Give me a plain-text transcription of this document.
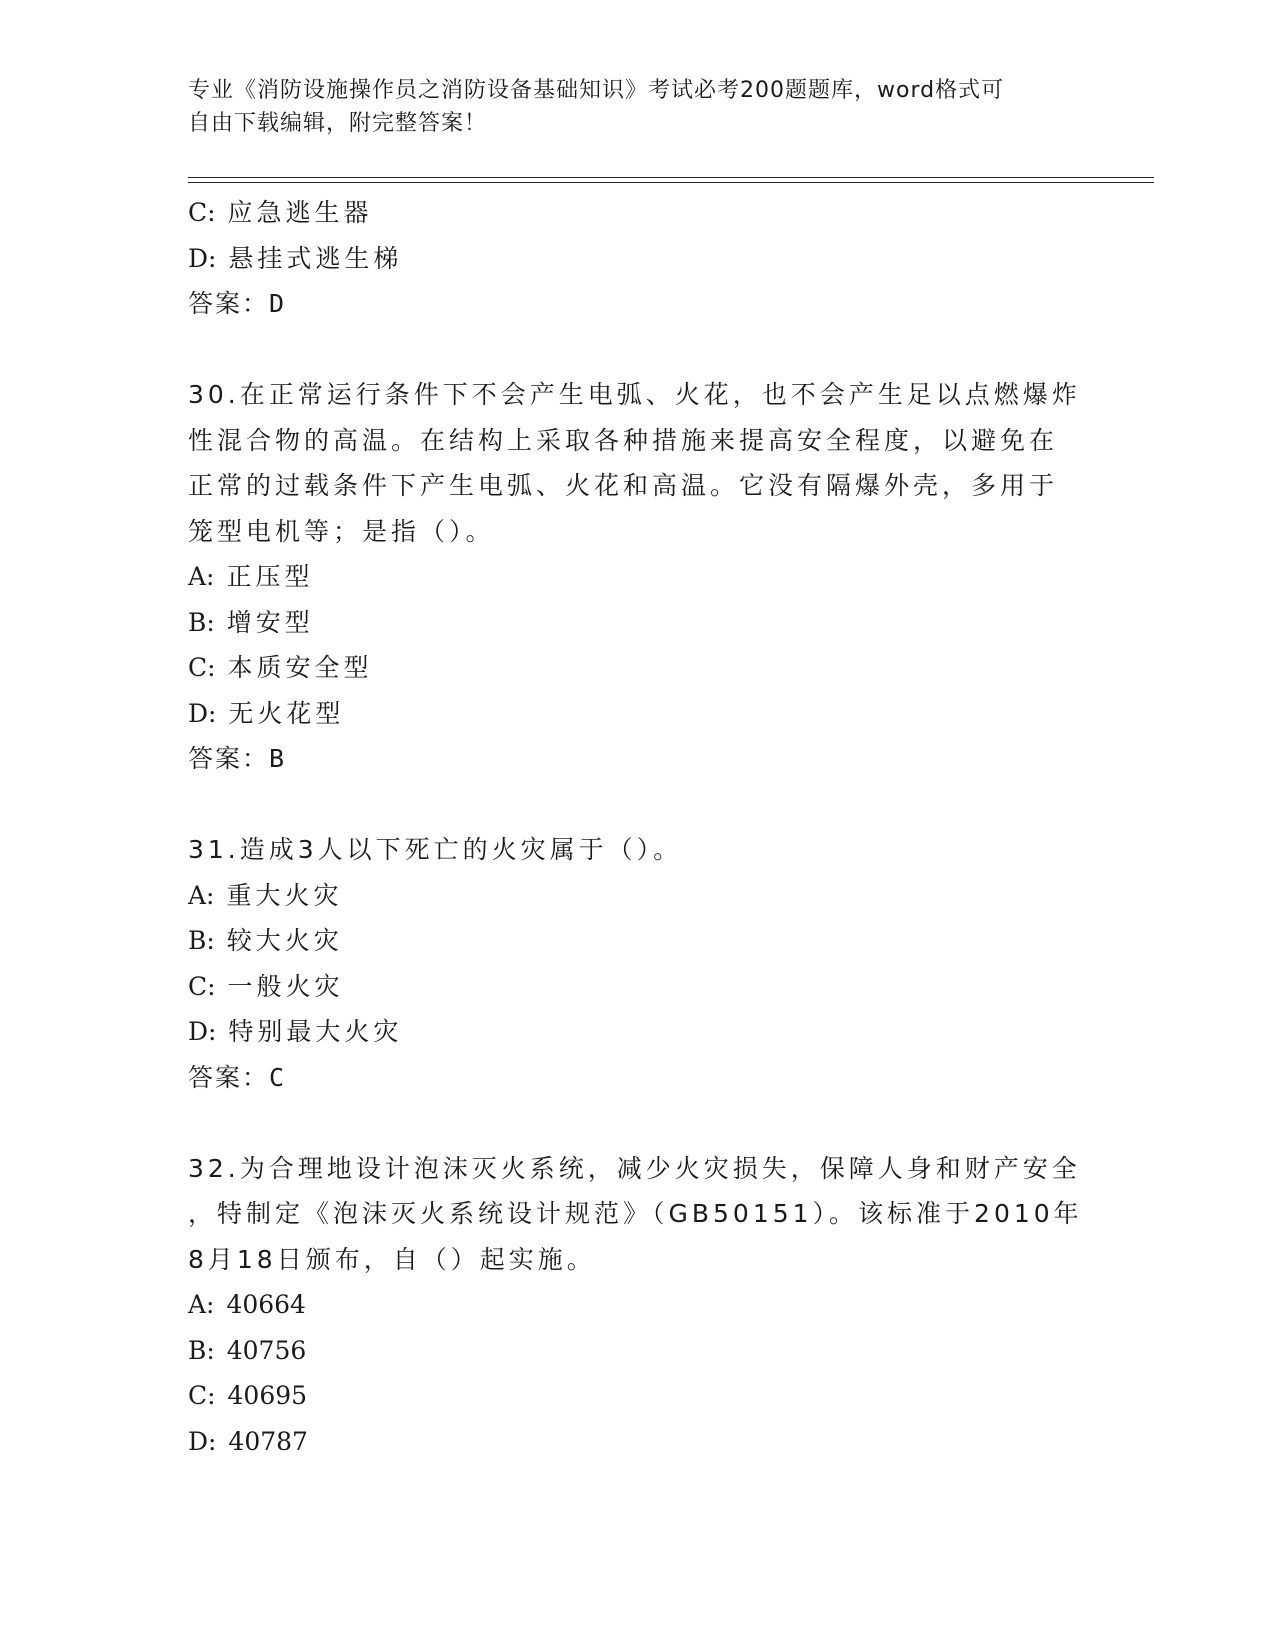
专业《消防设施操作员之消防设备基础知识》考试必考200题题库，word格式可
自由下载编辑，附完整答案！
C: 应急逃生器
D: 悬挂式逃生梯
答案：D
30.在正常运行条件下不会产生电弧、火花，也不会产生足以点燃爆炸
性混合物的高温。在结构上采取各种措施来提高安全程度，以避免在
正常的过载条件下产生电弧、火花和高温。它没有隔爆外壳，多用于
笼型电机等；是指（）。
A: 正压型
B: 增安型
C: 本质安全型
D: 无火花型
答案：B
31.造成3人以下死亡的火灾属于（）。
A: 重大火灾
B: 较大火灾
C: 一般火灾
D: 特别最大火灾
答案：C
32.为合理地设计泡沫灭火系统，减少火灾损失，保障人身和财产安全
，特制定《泡沫灭火系统设计规范》（GB50151）。该标准于2010年
8月18日颁布，自（）起实施。
A: 40664
B: 40756
C: 40695
D: 40787
